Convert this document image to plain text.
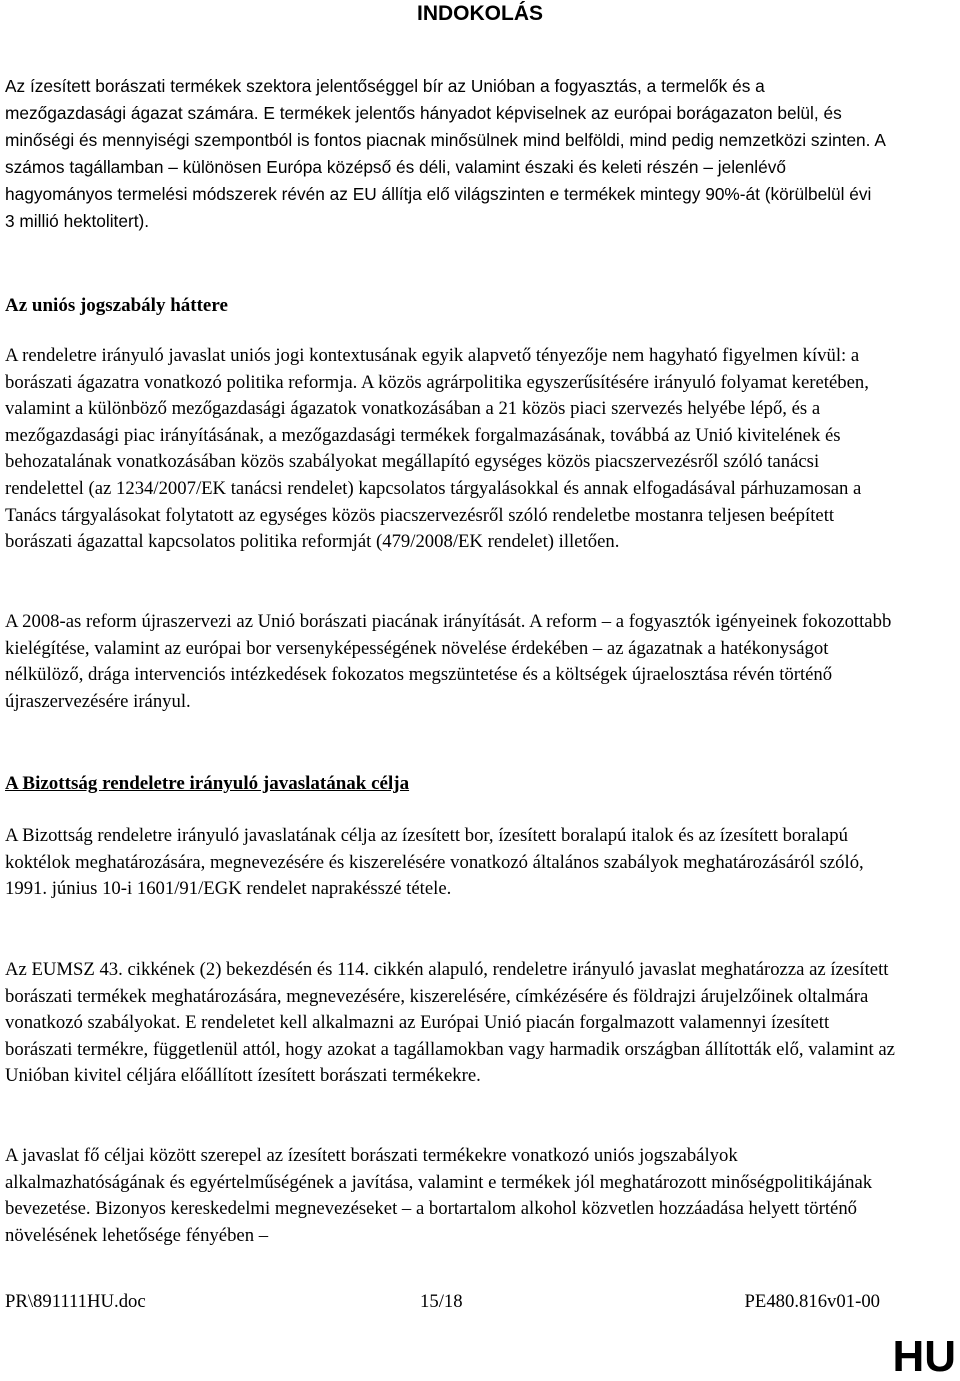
INDOKOLÁS
Az ízesített borászati termékek szektora jelentőséggel bír az Unióban a fogyasztás, a termelők és a mezőgazdasági ágazat számára. E termékek jelentős hányadot képviselnek az európai borágazaton belül, és minőségi és mennyiségi szempontból is fontos piacnak minősülnek mind belföldi, mind pedig nemzetközi szinten. A számos tagállamban – különösen Európa középső és déli, valamint északi és keleti részén – jelenlévő hagyományos termelési módszerek révén az EU állítja elő világszinten e termékek mintegy 90%-át (körülbelül évi 3 millió hektolitert).
Az uniós jogszabály háttere
A rendeletre irányuló javaslat uniós jogi kontextusának egyik alapvető tényezője nem hagyható figyelmen kívül: a borászati ágazatra vonatkozó politika reformja. A közös agrárpolitika egyszerűsítésére irányuló folyamat keretében, valamint a különböző mezőgazdasági ágazatok vonatkozásában a 21 közös piaci szervezés helyébe lépő, és a mezőgazdasági piac irányításának, a mezőgazdasági termékek forgalmazásának, továbbá az Unió kivitelének és behozatalának vonatkozásában közös szabályokat megállapító egységes közös piacszervezésről szóló tanácsi rendelettel (az 1234/2007/EK tanácsi rendelet) kapcsolatos tárgyalásokkal és annak elfogadásával párhuzamosan a Tanács tárgyalásokat folytatott az egységes közös piacszervezésről szóló rendeletbe mostanra teljesen beépített borászati ágazattal kapcsolatos politika reformját (479/2008/EK rendelet) illetően.
A 2008-as reform újraszervezi az Unió borászati piacának irányítását. A reform – a fogyasztók igényeinek fokozottabb kielégítése, valamint az európai bor versenyképességének növelése érdekében – az ágazatnak a hatékonyságot nélkülöző, drága intervenciós intézkedések fokozatos megszüntetése és a költségek újraelosztása révén történő újraszervezésére irányul.
A Bizottság rendeletre irányuló javaslatának célja
A Bizottság rendeletre irányuló javaslatának célja az ízesített bor, ízesített boralapú italok és az ízesített boralapú koktélok meghatározására, megnevezésére és kiszerelésére vonatkozó általános szabályok meghatározásáról szóló, 1991. június 10-i 1601/91/EGK rendelet naprakésszé tétele.
Az EUMSZ 43. cikkének (2) bekezdésén és 114. cikkén alapuló, rendeletre irányuló javaslat meghatározza az ízesített borászati termékek meghatározására, megnevezésére, kiszerelésére, címkézésére és földrajzi árujelzőinek oltalmára vonatkozó szabályokat. E rendeletet kell alkalmazni az Európai Unió piacán forgalmazott valamennyi ízesített borászati termékre, függetlenül attól, hogy azokat a tagállamokban vagy harmadik országban állították elő, valamint az Unióban kivitel céljára előállított ízesített borászati termékekre.
A javaslat fő céljai között szerepel az ízesített borászati termékekre vonatkozó uniós jogszabályok alkalmazhatóságának és egyértelműségének a javítása, valamint e termékek jól meghatározott minőségpolitikájának bevezetése. Bizonyos kereskedelmi megnevezéseket – a bortartalom alkohol közvetlen hozzáadása helyett történő növelésének lehetősége fényében –
PR\891111HU.doc	15/18	PE480.816v01-00
HU
